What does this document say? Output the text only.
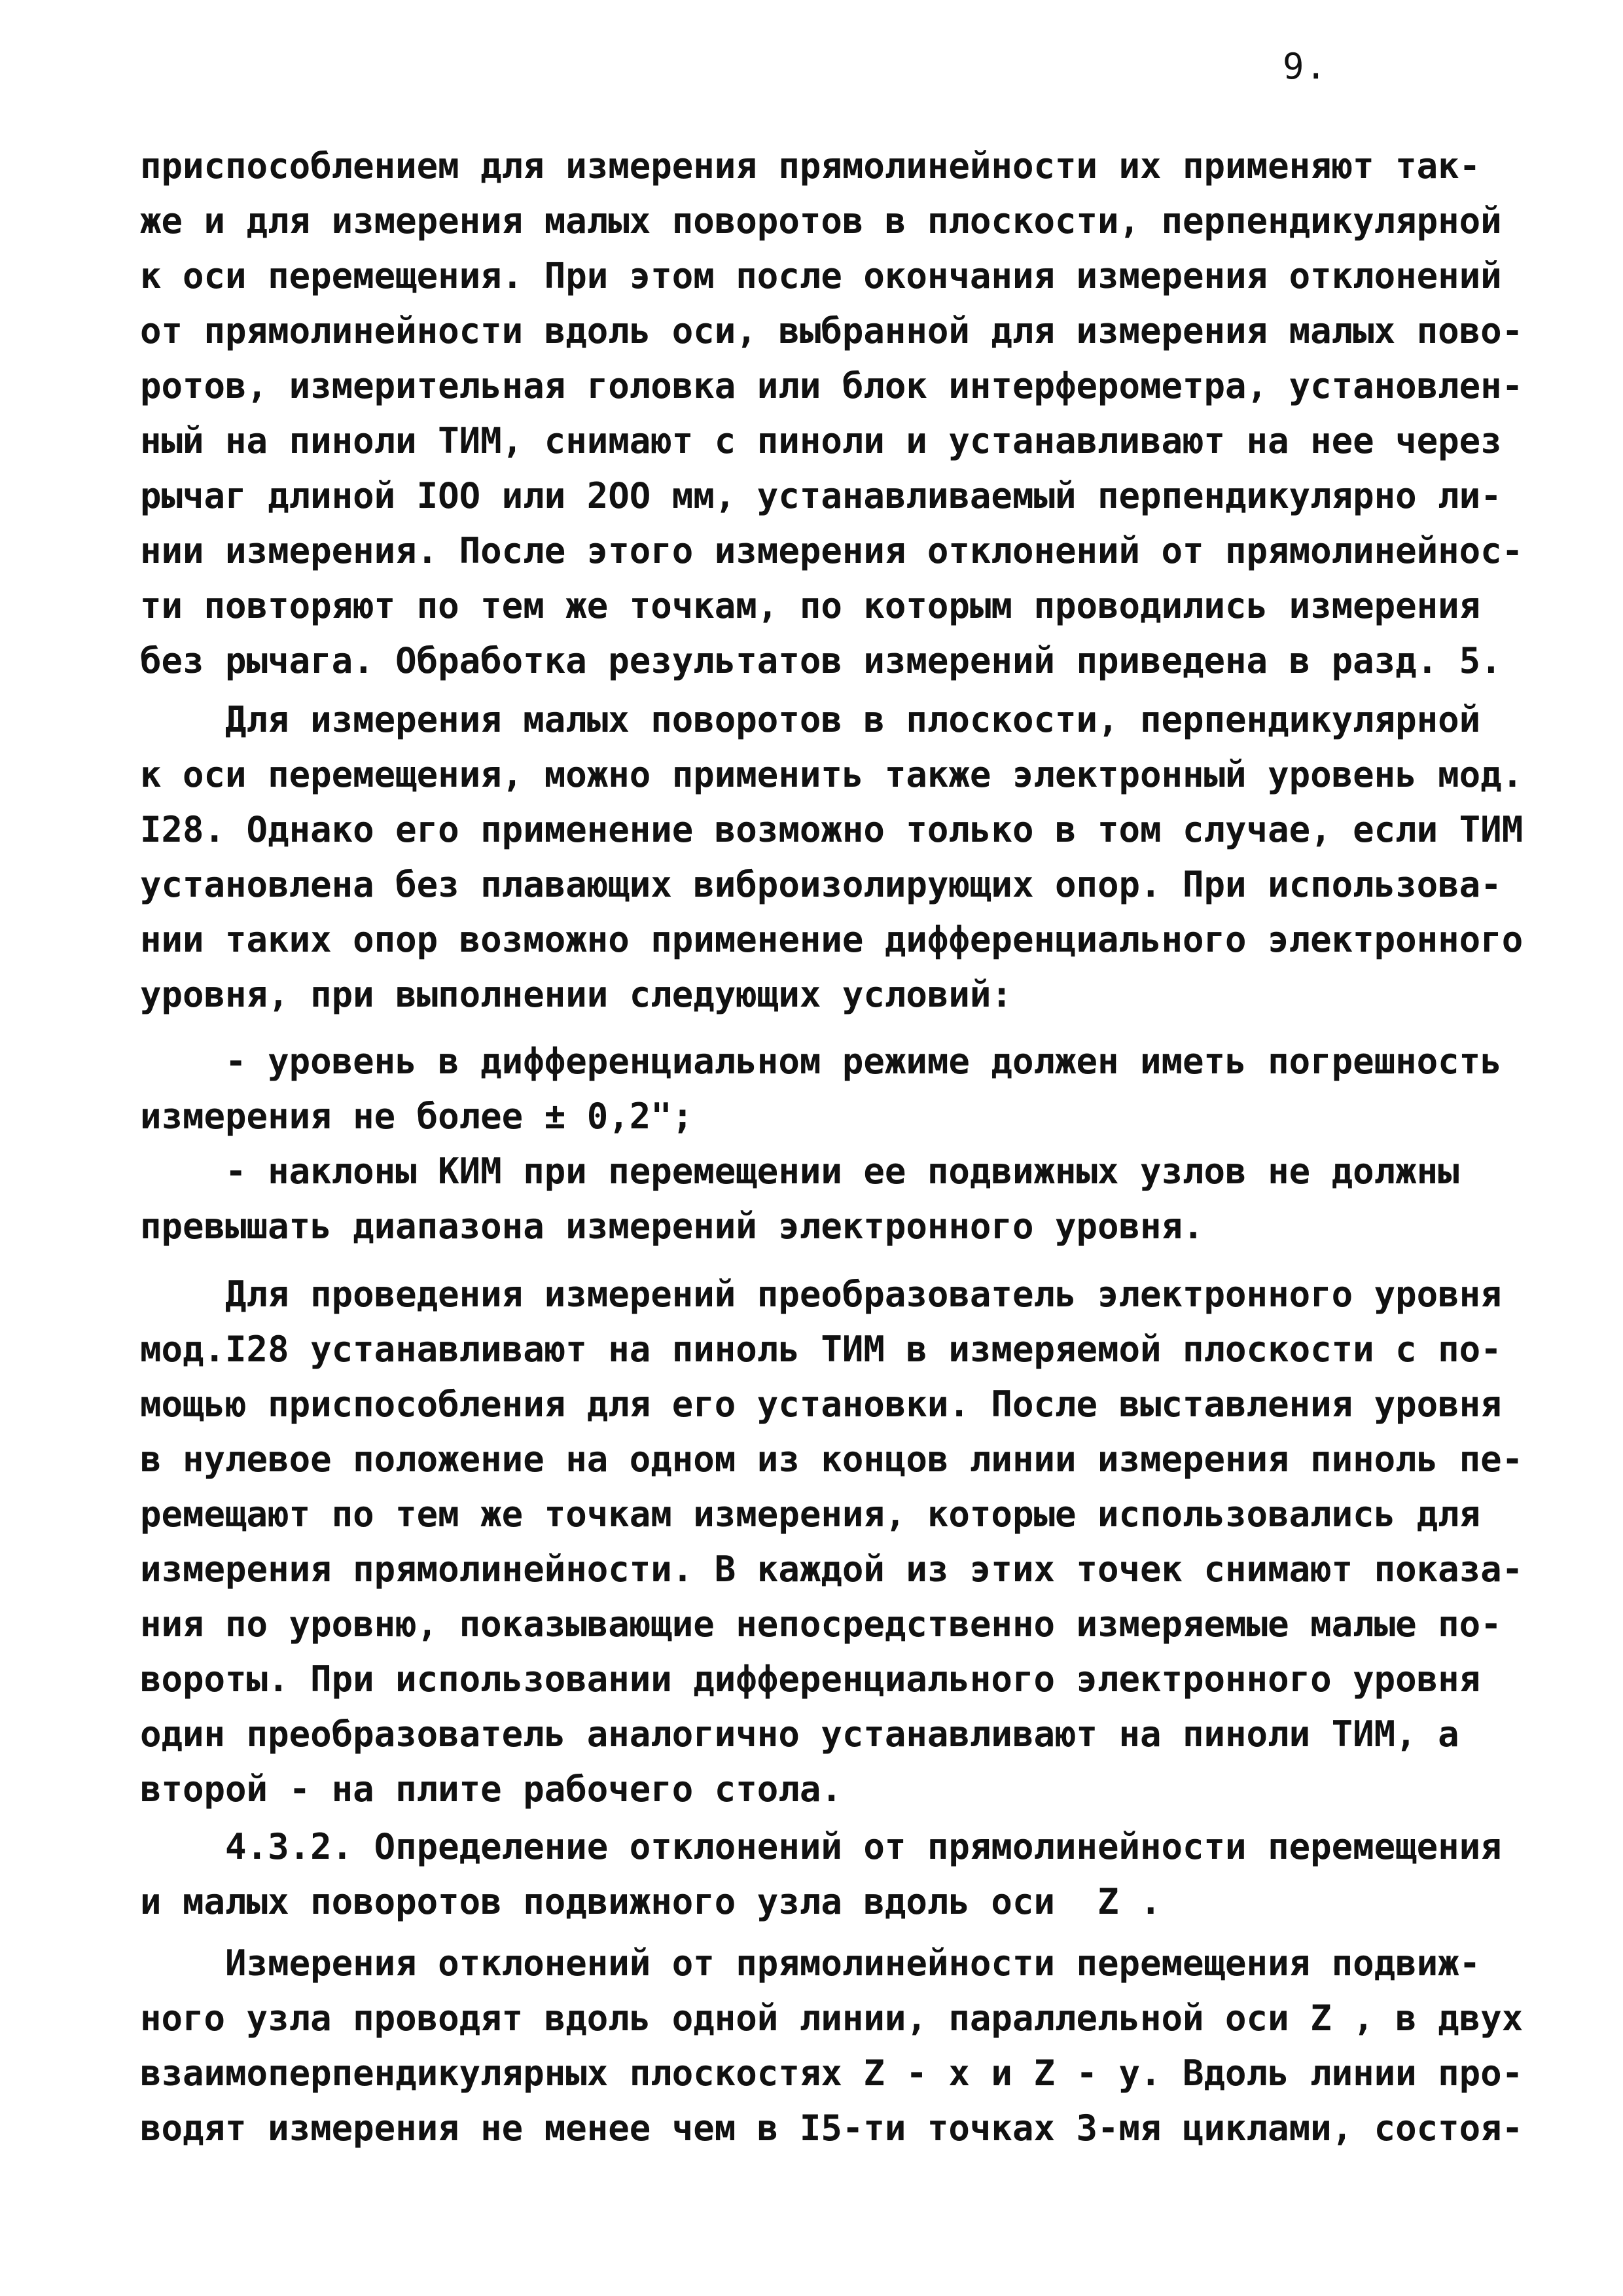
9.
приспособлением для измерения прямолинейности их применяют так-
же и для измерения малых поворотов в плоскости, перпендикулярной
к оси перемещения. При этом после окончания измерения отклонений
от прямолинейности вдоль оси, выбранной для измерения малых пово-
ротов, измерительная головка или блок интерферометра, установлен-
ный на пиноли ТИМ, снимают с пиноли и устанавливают на нее через
рычаг длиной IOO или 2OO мм, устанавливаемый перпендикулярно ли-
нии измерения. После этого измерения отклонений от прямолинейнос-
ти повторяют по тем же точкам, по которым проводились измерения
без рычага. Обработка результатов измерений приведена в разд. 5.
Для измерения малых поворотов в плоскости, перпендикулярной
к оси перемещения, можно применить также электронный уровень мод.
I28. Однако его применение возможно только в том случае, если ТИМ
установлена без плавающих виброизолирующих опор. При использова-
нии таких опор возможно применение дифференциального электронного
уровня, при выполнении следующих условий:
- уровень в дифференциальном режиме должен иметь погрешность
измерения не более ± 0,2";
- наклоны КИМ при перемещении ее подвижных узлов не должны
превышать диапазона измерений электронного уровня.
Для проведения измерений преобразователь электронного уровня
мод.I28 устанавливают на пиноль ТИМ в измеряемой плоскости с по-
мощью приспособления для его установки. После выставления уровня
в нулевое положение на одном из концов линии измерения пиноль пе-
ремещают по тем же точкам измерения, которые использовались для
измерения прямолинейности. В каждой из этих точек снимают показа-
ния по уровню, показывающие непосредственно измеряемые малые по-
вороты. При использовании дифференциального электронного уровня
один преобразователь аналогично устанавливают на пиноли ТИМ, а
второй - на плите рабочего стола.
4.3.2. Определение отклонений от прямолинейности перемещения
и малых поворотов подвижного узла вдоль оси  Z .
Измерения отклонений от прямолинейности перемещения подвиж-
ного узла проводят вдоль одной линии, параллельной оси Z , в двух
взаимоперпендикулярных плоскостях Z - x и Z - y. Вдоль линии про-
водят измерения не менее чем в I5-ти точках 3-мя циклами, состоя-
